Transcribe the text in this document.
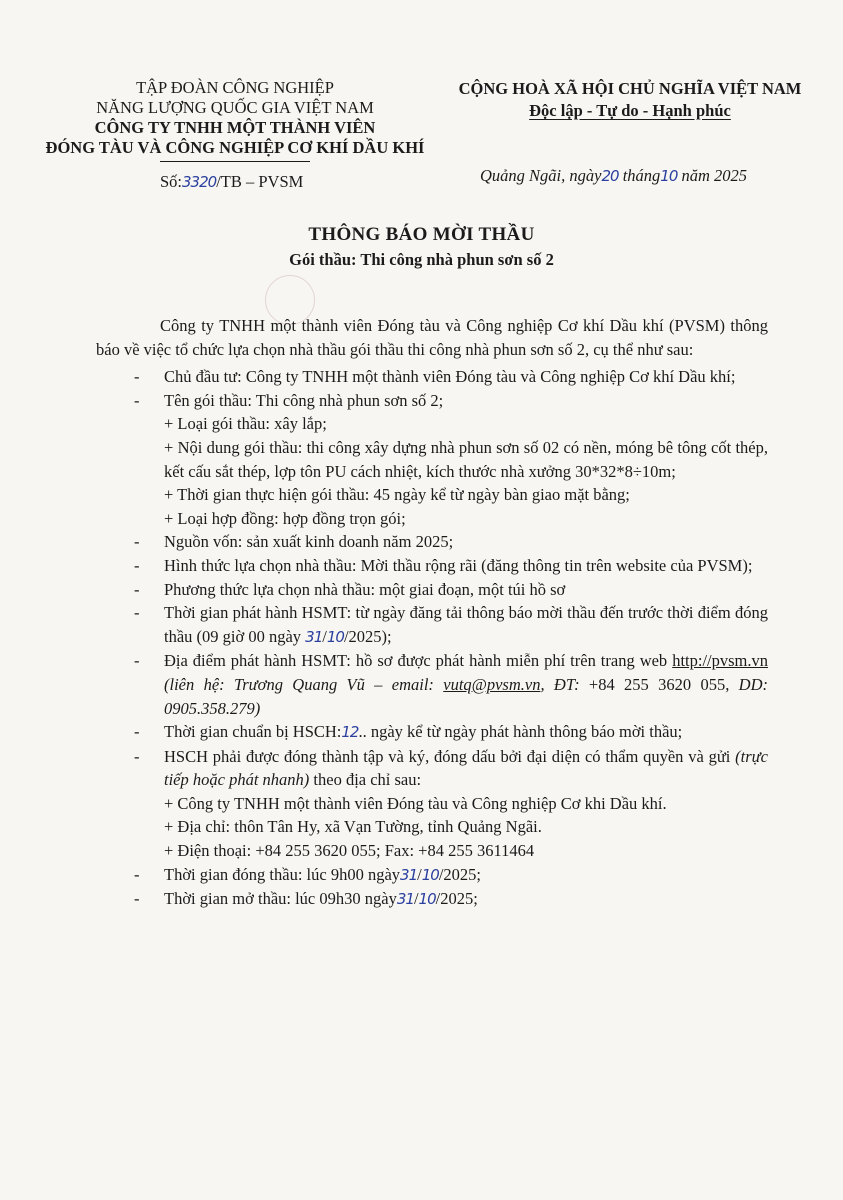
TẬP ĐOÀN CÔNG NGHIỆP
NĂNG LƯỢNG QUỐC GIA VIỆT NAM
CÔNG TY TNHH MỘT THÀNH VIÊN
ĐÓNG TÀU VÀ CÔNG NGHIỆP CƠ KHÍ DẦU KHÍ
CỘNG HOÀ XÃ HỘI CHỦ NGHĨA VIỆT NAM
Độc lập - Tự do - Hạnh phúc
Số:3320/TB – PVSM	Quảng Ngãi, ngày20 tháng10 năm 2025
THÔNG BÁO MỜI THẦU
Gói thầu: Thi công nhà phun sơn số 2

Công ty TNHH một thành viên Đóng tàu và Công nghiệp Cơ khí Dầu khí (PVSM) thông báo về việc tổ chức lựa chọn nhà thầu gói thầu thi công nhà phun sơn số 2, cụ thể như sau:

- Chủ đầu tư: Công ty TNHH một thành viên Đóng tàu và Công nghiệp Cơ khí Dầu khí;

- Tên gói thầu: Thi công nhà phun sơn số 2;

+ Loại gói thầu: xây lắp;

+ Nội dung gói thầu: thi công xây dựng nhà phun sơn số 02 có nền, móng bê tông cốt thép, kết cấu sắt thép, lợp tôn PU cách nhiệt, kích thước nhà xưởng 30*32*8÷10m;

+ Thời gian thực hiện gói thầu: 45 ngày kể từ ngày bàn giao mặt bằng;

+ Loại hợp đồng: hợp đồng trọn gói;

- Nguồn vốn: sản xuất kinh doanh năm 2025;

- Hình thức lựa chọn nhà thầu: Mời thầu rộng rãi (đăng thông tin trên website của PVSM);

- Phương thức lựa chọn nhà thầu: một giai đoạn, một túi hồ sơ

- Thời gian phát hành HSMT: từ ngày đăng tải thông báo mời thầu đến trước thời điểm đóng thầu (09 giờ 00 ngày 31/10/2025);

- Địa điểm phát hành HSMT: hồ sơ được phát hành miễn phí trên trang web http://pvsm.vn (liên hệ: Trương Quang Vũ – email: vutq@pvsm.vn, ĐT: +84 255 3620 055, DD: 0905.358.279)

- Thời gian chuẩn bị HSCH:12.. ngày kể từ ngày phát hành thông báo mời thầu;

- HSCH phải được đóng thành tập và ký, đóng dấu bởi đại diện có thẩm quyền và gửi (trực tiếp hoặc phát nhanh) theo địa chỉ sau:

+ Công ty TNHH một thành viên Đóng tàu và Công nghiệp Cơ khi Dầu khí.

+ Địa chỉ: thôn Tân Hy, xã Vạn Tường, tỉnh Quảng Ngãi.

+ Điện thoại: +84 255 3620 055; Fax: +84 255 3611464

- Thời gian đóng thầu: lúc 9h00 ngày31/10/2025;

- Thời gian mở thầu: lúc 09h30 ngày31/10/2025;
